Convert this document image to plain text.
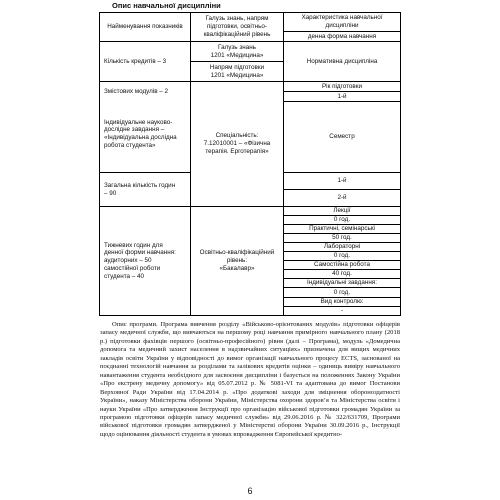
Опис навчальної дисципліни
Найменування показників
Галузь знань, напрям
підготовки, освітньо-
кваліфікаційний рівень
Характеристика навчальної
дисципліни
денна форма навчання
Кількість кредитів – 3
Галузь знань
1201 «Медицина»
Напрям підготовки
1201 «Медицина»
Нормативна дисципліна
Змістових модулів – 2
Рік підготовки
1-й
Індивідуальне науково-
дослідне завдання –
«Індивідуальна дослідна
робота студента»
Спеціальність:
7.12010001 – «Фізична
терапія. Ерготерапія»
Семестр
Загальна кількість годин
– 90
1-й
2-й
Тижневих годин для
денної форми навчання:
аудиторних – 50
самостійної роботи
студента – 40
Освітньо-кваліфікаційний
рівень:
«Бакалавр»
Лекції
0 год.
Практичні, семінарські
50 год.
Лабораторні
0 год.
Самостійна робота
40 год.
Індивідуальні завдання:
0 год.
Вид контролю:
-

Опис програми. Програма вивчення розділу «Військово-орієнтованих модулів» підготовки офіцерів запасу медичної служби, що вивчаються на першому році навчання примірного навчального плану (2018 р.) підготовки фахівців першого (освітньо-професійного) рівня (далі – Програма), модуль «Домедична допомога та медичний захист населення в надзвичайних ситуаціях» призначена для вищих медичних закладів освіти України у відповідності до вимог організації навчального процесу ECTS, заснованої на поєднанні технологій навчання за розділами та залікових кредитів оцінки – одиниць виміру навчального навантаження студента необхідного для засвоєння дисципліни і базується на положеннях Закону України «Про екстрену медичну допомогу» від 05.07.2012 р. № 5081-VI та адаптована до вимог Постанови Верховної Ради України від 17.04.2014 р. «Про додаткові заходи для зміцнення обороноздатності України», наказу Міністерства оборони України, Міністерства охорони здоров’я та Міністерства освіти і науки України «Про затвердження Інструкції про організацію військової підготовки громадян України за програмою підготовки офіцерів запасу медичної служби» від 29.06.2016 р. № 322/631709, Програми військової підготовки громадян затвердженої у Міністерстві оборони України 30.09.2016 р., Інструкції щодо оцінювання діяльності студента в умовах впровадження Європейської кредитно-

6
